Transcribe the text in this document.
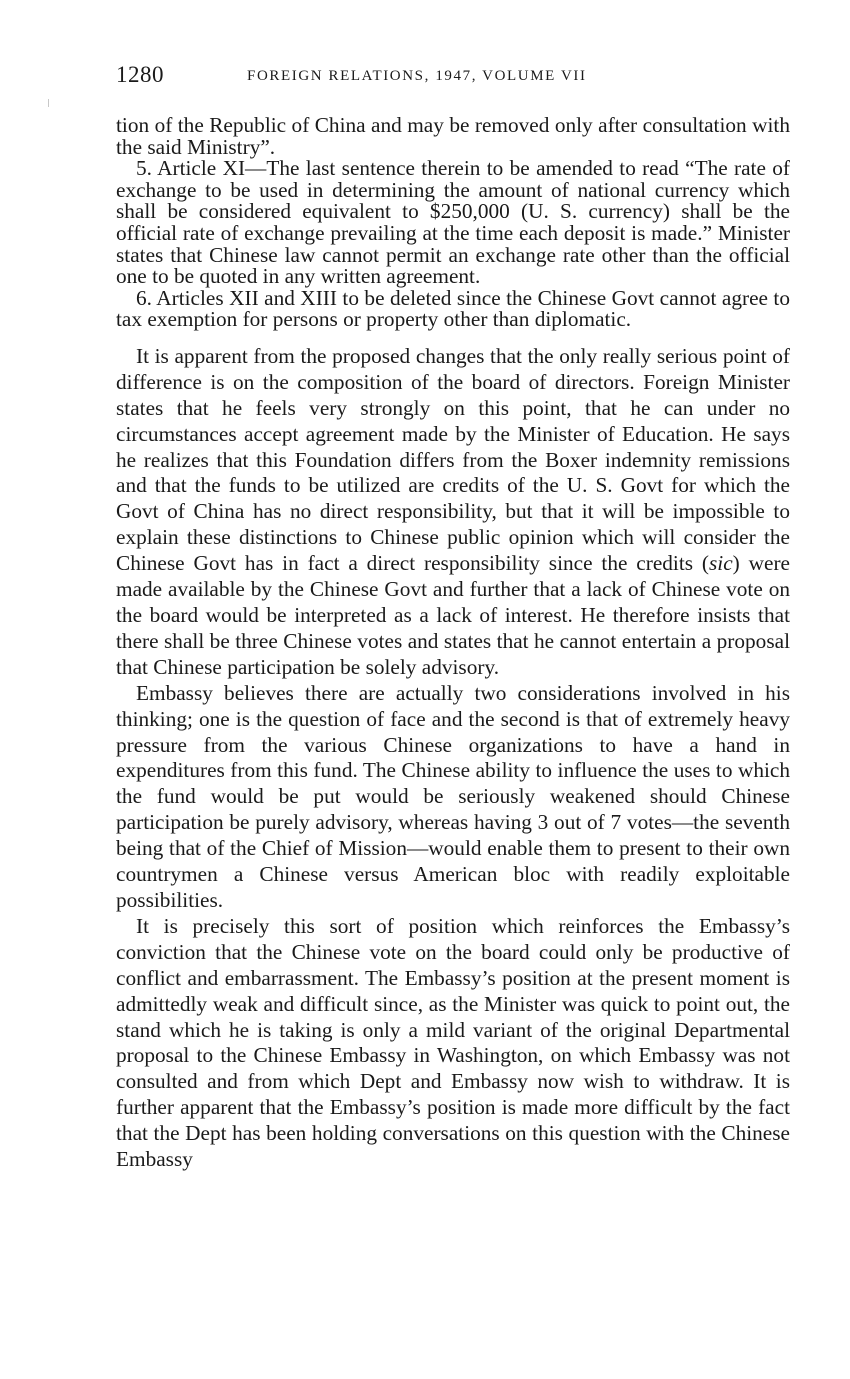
1280	FOREIGN RELATIONS, 1947, VOLUME VII

tion of the Republic of China and may be removed only after consultation with the said Ministry”.

5. Article XI—The last sentence therein to be amended to read “The rate of exchange to be used in determining the amount of national currency which shall be considered equivalent to $250,000 (U. S. currency) shall be the official rate of exchange prevailing at the time each deposit is made.” Minister states that Chinese law cannot permit an exchange rate other than the official one to be quoted in any written agreement.

6. Articles XII and XIII to be deleted since the Chinese Govt cannot agree to tax exemption for persons or property other than diplomatic.

It is apparent from the proposed changes that the only really serious point of difference is on the composition of the board of directors. Foreign Minister states that he feels very strongly on this point, that he can under no circumstances accept agreement made by the Minister of Education. He says he realizes that this Foundation differs from the Boxer indemnity remissions and that the funds to be utilized are credits of the U. S. Govt for which the Govt of China has no direct responsibility, but that it will be impossible to explain these distinctions to Chinese public opinion which will consider the Chinese Govt has in fact a direct responsibility since the credits (sic) were made available by the Chinese Govt and further that a lack of Chinese vote on the board would be interpreted as a lack of interest. He therefore insists that there shall be three Chinese votes and states that he cannot entertain a proposal that Chinese participation be solely advisory.

Embassy believes there are actually two considerations involved in his thinking; one is the question of face and the second is that of extremely heavy pressure from the various Chinese organizations to have a hand in expenditures from this fund. The Chinese ability to influence the uses to which the fund would be put would be seriously weakened should Chinese participation be purely advisory, whereas having 3 out of 7 votes—the seventh being that of the Chief of Mission—would enable them to present to their own countrymen a Chinese versus American bloc with readily exploitable possibilities.

It is precisely this sort of position which reinforces the Embassy’s conviction that the Chinese vote on the board could only be productive of conflict and embarrassment. The Embassy’s position at the present moment is admittedly weak and difficult since, as the Minister was quick to point out, the stand which he is taking is only a mild variant of the original Departmental proposal to the Chinese Embassy in Washington, on which Embassy was not consulted and from which Dept and Embassy now wish to withdraw. It is further apparent that the Embassy’s position is made more difficult by the fact that the Dept has been holding conversations on this question with the Chinese Embassy
